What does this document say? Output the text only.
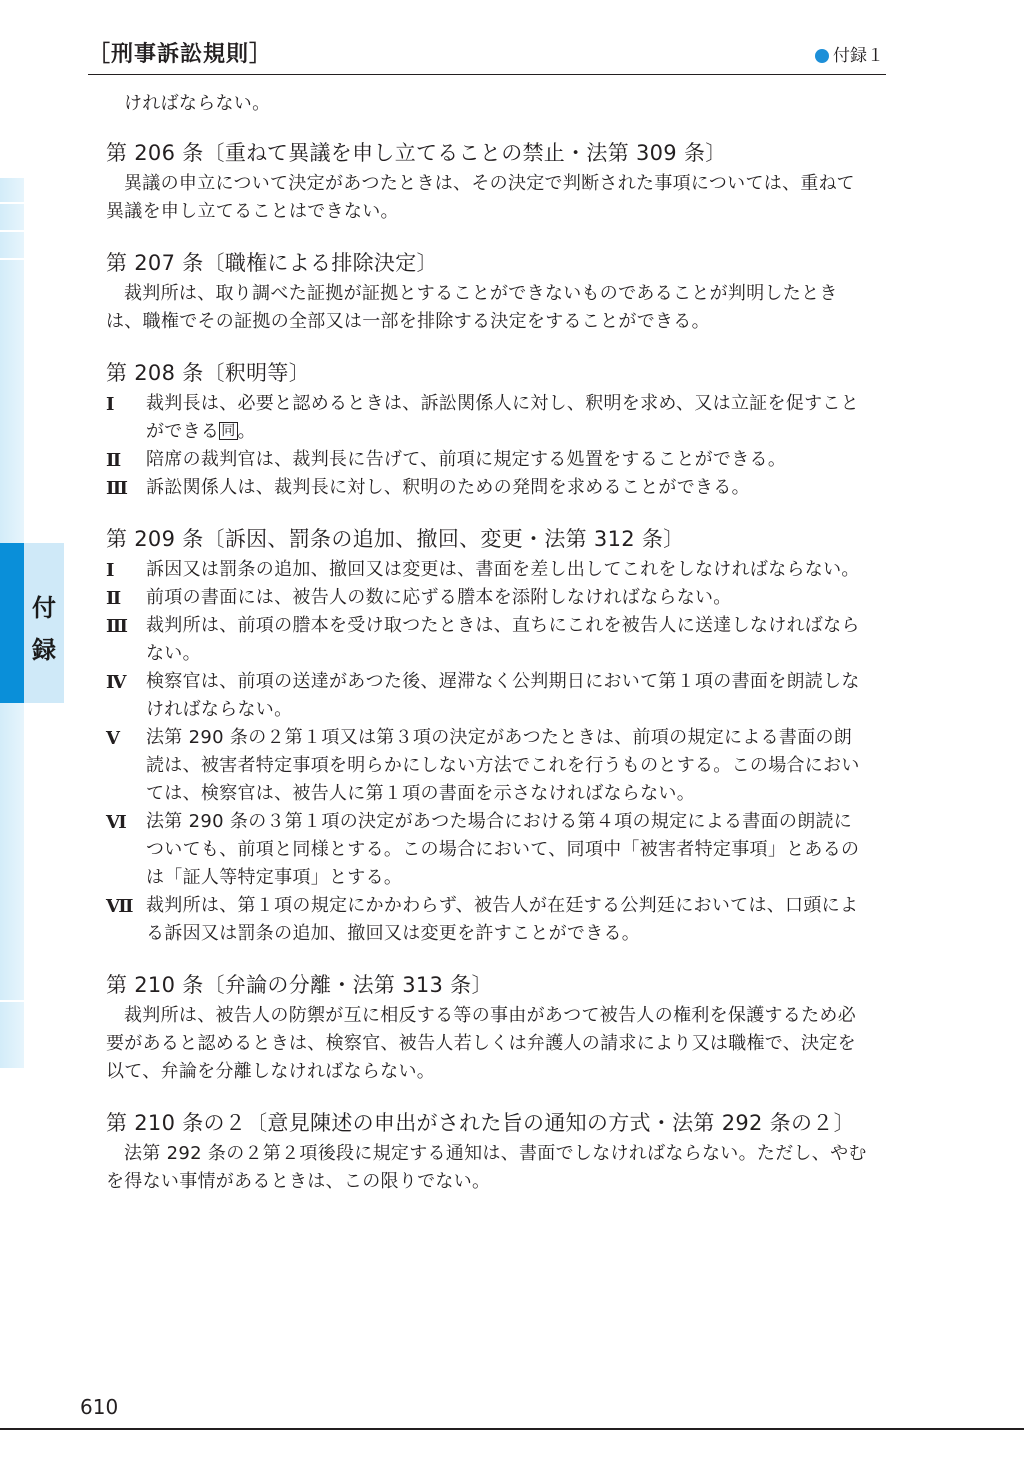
［刑事訴訟規則］	付録１
付
録

ければならない。

第 206 条〔重ねて異議を申し立てることの禁止・法第 309 条〕

異議の申立について決定があつたときは、その決定で判断された事項については、重ねて異議を申し立てることはできない。

第 207 条〔職権による排除決定〕

裁判所は、取り調べた証拠が証拠とすることができないものであることが判明したときは、職権でその証拠の全部又は一部を排除する決定をすることができる。

第 208 条〔釈明等〕
Ⅰ	裁判長は、必要と認めるときは、訴訟関係人に対し、釈明を求め、又は立証を促すことができる 同 。
Ⅱ	陪席の裁判官は、裁判長に告げて、前項に規定する処置をすることができる。
Ⅲ 訴訟関係人は、裁判長に対し、釈明のための発問を求めることができる。
第 209 条〔訴因、罰条の追加、撤回、変更・法第 312 条〕
Ⅰ	訴因又は罰条の追加、撤回又は変更は、書面を差し出してこれをしなければならない。
Ⅱ	前項の書面には、被告人の数に応ずる謄本を添附しなければならない。
Ⅲ 裁判所は、前項の謄本を受け取つたときは、直ちにこれを被告人に送達しなければならない。
Ⅳ	検察官は、前項の送達があつた後、遅滞なく公判期日において第１項の書面を朗読しなければならない。
Ⅴ	法第 290 条の２第１項又は第３項の決定があつたときは、前項の規定による書面の朗読は、被害者特定事項を明らかにしない方法でこれを行うものとする。この場合においては、検察官は、被告人に第１項の書面を示さなければならない。
Ⅵ	法第 290 条の３第１項の決定があつた場合における第４項の規定による書面の朗読についても、前項と同様とする。この場合において、同項中「被害者特定事項」とあるのは「証人等特定事項」とする。
Ⅶ 裁判所は、第１項の規定にかかわらず、被告人が在廷する公判廷においては、口頭による訴因又は罰条の追加、撤回又は変更を許すことができる。
第 210 条〔弁論の分離・法第 313 条〕

裁判所は、被告人の防禦が互に相反する等の事由があつて被告人の権利を保護するため必要があると認めるときは、検察官、被告人若しくは弁護人の請求により又は職権で、決定を以て、弁論を分離しなければならない。

第 210 条の２〔意見陳述の申出がされた旨の通知の方式・法第 292 条の２〕

法第 292 条の２第２項後段に規定する通知は、書面でしなければならない。ただし、やむを得ない事情があるときは、この限りでない。

610
